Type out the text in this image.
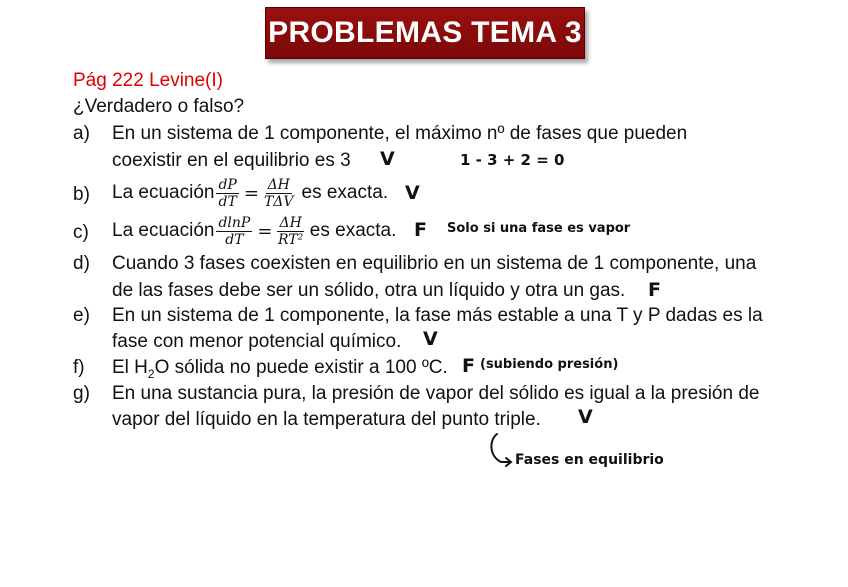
PROBLEMAS TEMA 3
Pág 222 Levine(I)
¿Verdadero o falso?
a) En un sistema de 1 componente, el máximo nº de fases que pueden
coexistir en el equilibrio es 3 V	1 - 3 + 2 = 0
b) La ecuación $\frac{dP}{dT} = \frac{\Delta H}{\text{TΔV}}$ es exacta. V
c) La ecuación $\frac{dlnP}{dT} = \frac{\Delta H}{\text{RT²}}$ es exacta. F Solo si una fase es vapor
d) Cuando 3 fases coexisten en equilibrio en un sistema de 1 componente, una
de las fases debe ser un sólido, otra un líquido y otra un gas. F
e) En un sistema de 1 componente, la fase más estable a una T y P dadas es la
fase con menor potencial químico. V
f) El $H_2O$ sólida no puede existir a 100 ºC. F (subiendo presión)
g) En una sustancia pura, la presión de vapor del sólido es igual a la presión de
vapor del líquido en la temperatura del punto triple. V
Fases en equilibrio
